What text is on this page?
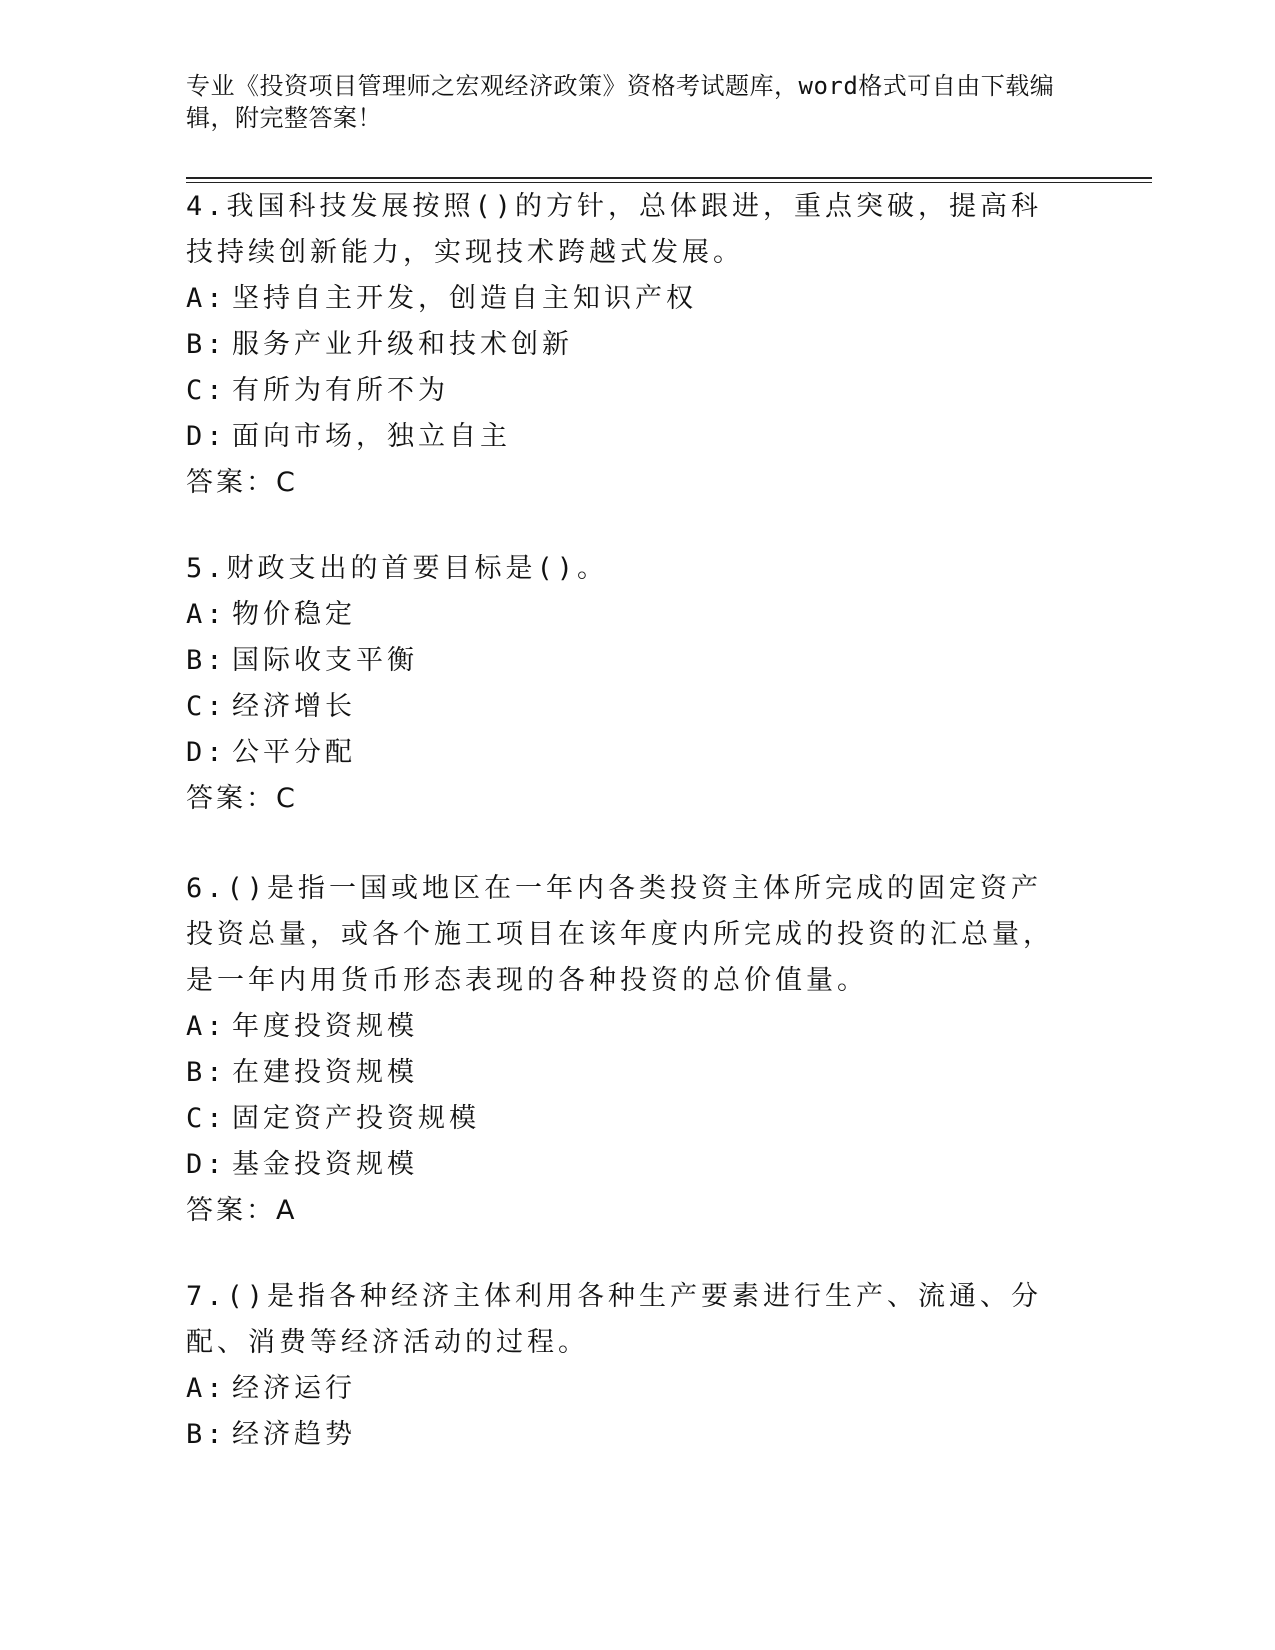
专业《投资项目管理师之宏观经济政策》资格考试题库，word格式可自由下载编辑，附完整答案！
4.我国科技发展按照()的方针，总体跟进，重点突破，提高科技持续创新能力，实现技术跨越式发展。
A: 坚持自主开发，创造自主知识产权
B: 服务产业升级和技术创新
C: 有所为有所不为
D: 面向市场，独立自主
答案：C
5.财政支出的首要目标是()。
A: 物价稳定
B: 国际收支平衡
C: 经济增长
D: 公平分配
答案：C
6.()是指一国或地区在一年内各类投资主体所完成的固定资产投资总量，或各个施工项目在该年度内所完成的投资的汇总量，是一年内用货币形态表现的各种投资的总价值量。
A: 年度投资规模
B: 在建投资规模
C: 固定资产投资规模
D: 基金投资规模
答案：A
7.()是指各种经济主体利用各种生产要素进行生产、流通、分配、消费等经济活动的过程。
A: 经济运行
B: 经济趋势
